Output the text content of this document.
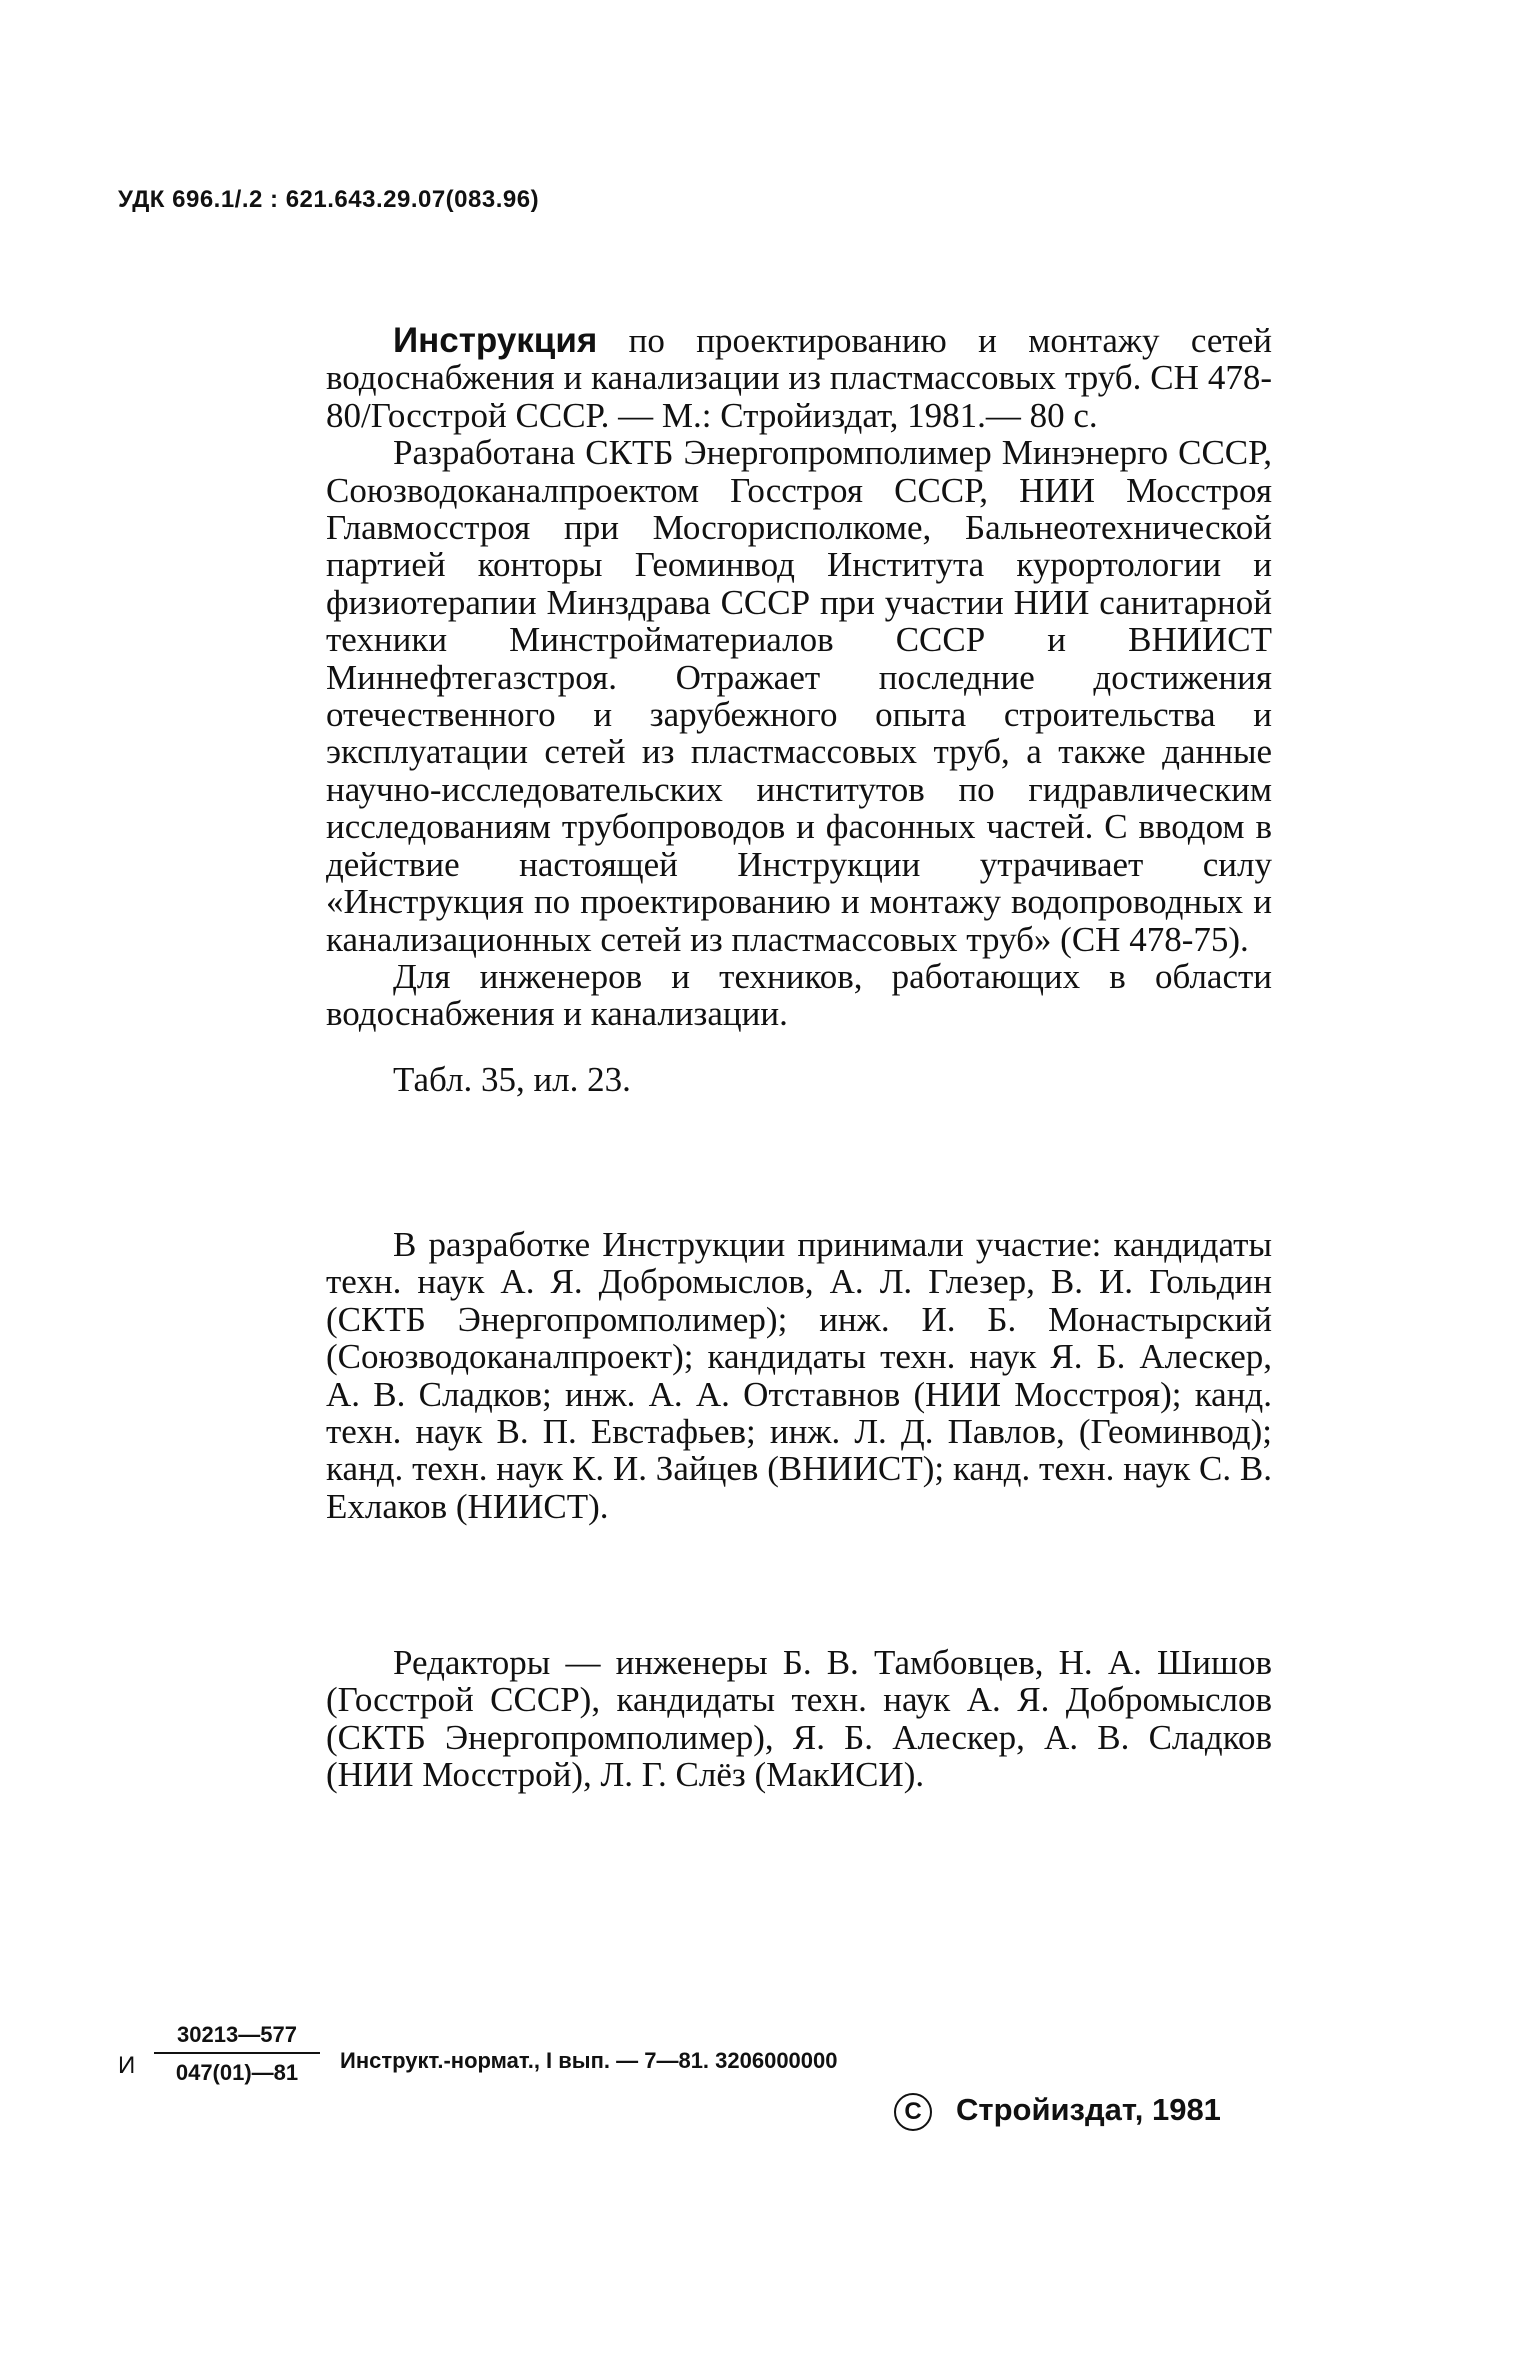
УДК 696.1/.2 : 621.643.29.07(083.96)

Инструкция по проектированию и монтажу сетей водоснабжения и канализации из пластмассовых труб. СН 478-80/Госстрой СССР. — М.: Стройиздат, 1981.— 80 с.

Разработана СКТБ Энергопромполимер Минэнерго СССР, Союзводоканалпроектом Госстроя СССР, НИИ Мосстроя Главмосстроя при Мосгорисполкоме, Бальнеотехнической партией конторы Геоминвод Института курортологии и физиотерапии Минздрава СССР при участии НИИ санитарной техники Минстройматериалов СССР и ВНИИСТ Миннефтегазстроя. Отражает последние достижения отечественного и зарубежного опыта строительства и эксплуатации сетей из пластмассовых труб, а также данные научно-исследовательских институтов по гидравлическим исследованиям трубопроводов и фасонных частей. С вводом в действие настоящей Инструкции утрачивает силу «Инструкция по проектированию и монтажу водопроводных и канализационных сетей из пластмассовых труб» (СН 478-75).

Для инженеров и техников, работающих в области водоснабжения и канализации.

Табл. 35, ил. 23.

В разработке Инструкции принимали участие: кандидаты техн. наук А. Я. Добромыслов, А. Л. Глезер, В. И. Гольдин (СКТБ Энергопромполимер); инж. И. Б. Монастырский (Союзводоканалпроект); кандидаты техн. наук Я. Б. Алескер, А. В. Сладков; инж. А. А. Отставнов (НИИ Мосстроя); канд. техн. наук В. П. Евстафьев; инж. Л. Д. Павлов, (Геоминвод); канд. техн. наук К. И. Зайцев (ВНИИСТ); канд. техн. наук С. В. Ехлаков (НИИСТ).

Редакторы — инженеры Б. В. Тамбовцев, Н. А. Шишов (Госстрой СССР), кандидаты техн. наук А. Я. Добромыслов (СКТБ Энергопромполимер), Я. Б. Алескер, А. В. Сладков (НИИ Мосстрой), Л. Г. Слёз (МакИСИ).

И $\frac{30213—577}{047(01)—81}$ Инструкт.-нормат., I вып. — 7—81. 3206000000
C Стройиздат, 1981
